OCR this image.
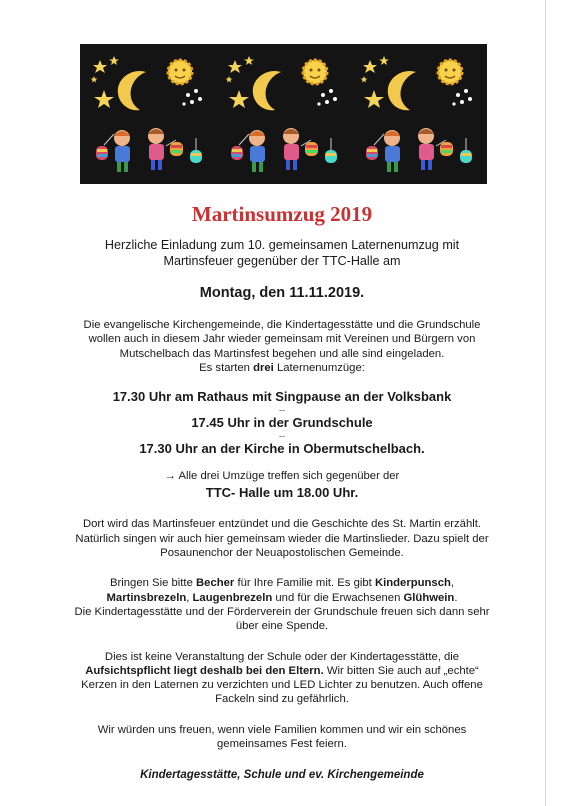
Martinsumzug 2019

Herzliche Einladung zum 10. gemeinsamen Laternenumzug mit

Martinsfeuer gegenüber der TTC-Halle am

Montag, den 11.11.2019.

Die evangelische Kirchengemeinde, die Kindertagesstätte und die Grundschule

wollen auch in diesem Jahr wieder gemeinsam mit Vereinen und Bürgern von

Mutschelbach das Martinsfest begehen und alle sind eingeladen.

Es starten drei Laternenumzüge:

17.30 Uhr am Rathaus mit Singpause an der Volksbank

--

17.45 Uhr in der Grundschule

--

17.30 Uhr an der Kirche in Obermutschelbach.

→ Alle drei Umzüge treffen sich gegenüber der

TTC- Halle um 18.00 Uhr.

Dort wird das Martinsfeuer entzündet und die Geschichte des St. Martin erzählt.

Natürlich singen wir auch hier gemeinsam wieder die Martinslieder. Dazu spielt der

Posaunenchor der Neuapostolischen Gemeinde.

Bringen Sie bitte Becher für Ihre Familie mit. Es gibt Kinderpunsch,

Martinsbrezeln, Laugenbrezeln und für die Erwachsenen Glühwein.

Die Kindertagesstätte und der Förderverein der Grundschule freuen sich dann sehr

über eine Spende.

Dies ist keine Veranstaltung der Schule oder der Kindertagesstätte, die

Aufsichtspflicht liegt deshalb bei den Eltern. Wir bitten Sie auch auf „echte“

Kerzen in den Laternen zu verzichten und LED Lichter zu benutzen. Auch offene

Fackeln sind zu gefährlich.

Wir würden uns freuen, wenn viele Familien kommen und wir ein schönes

gemeinsames Fest feiern.

Kindertagesstätte, Schule und ev. Kirchengemeinde
